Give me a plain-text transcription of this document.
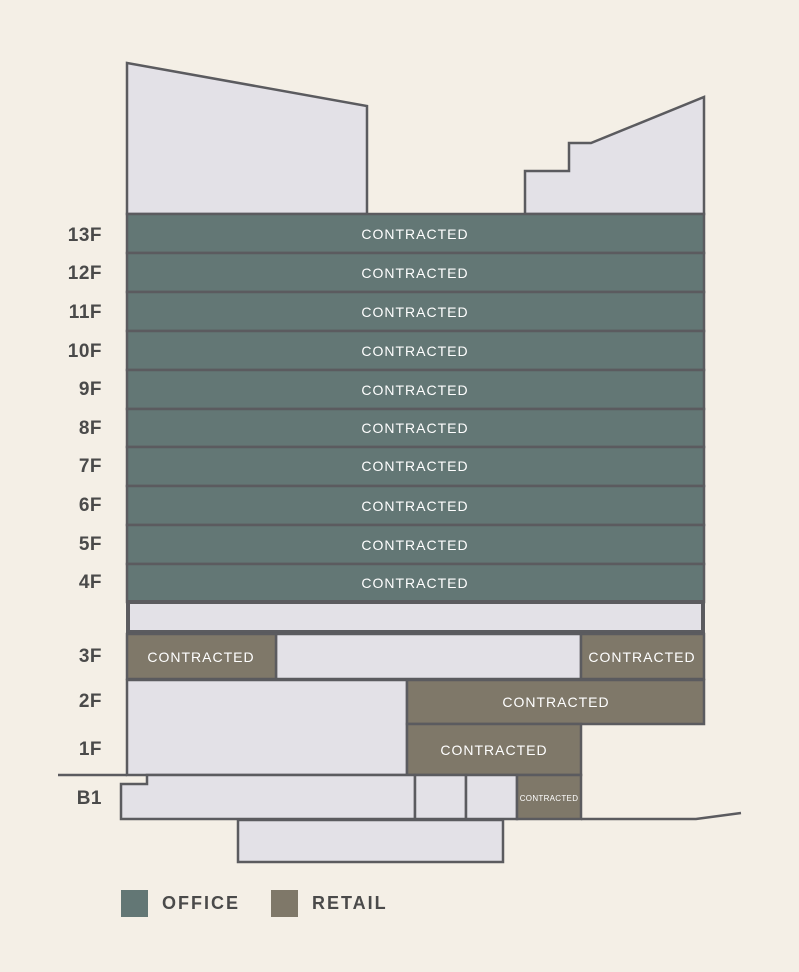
CONTRACTED
CONTRACTED
CONTRACTED
CONTRACTED
CONTRACTED
CONTRACTED
CONTRACTED
CONTRACTED
CONTRACTED
CONTRACTED
CONTRACTED	CONTRACTED
CONTRACTED
CONTRACTED
CONTRACTED
13F
12F
11F
10F
9F
8F
7F
6F
5F
4F
3F
2F
1F
B1
OFFICE	RETAIL
